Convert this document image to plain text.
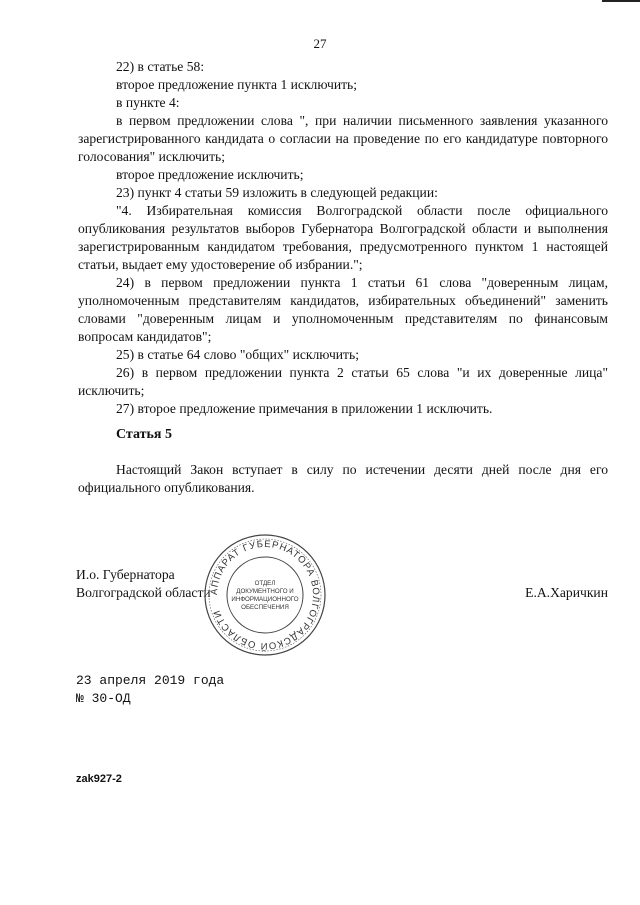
27

22) в статье 58:

второе предложение пункта 1 исключить;

в пункте 4:

в первом предложении слова ", при наличии письменного заявления указанного зарегистрированного кандидата о согласии на проведение по его кандидатуре повторного голосования" исключить;

второе предложение исключить;

23) пункт 4 статьи 59 изложить в следующей редакции:

"4. Избирательная комиссия Волгоградской области после официального опубликования результатов выборов Губернатора Волгоградской области и выполнения зарегистрированным кандидатом требования, предусмотренного пунктом 1 настоящей статьи, выдает ему удостоверение об избрании.";

24) в первом предложении пункта 1 статьи 61 слова "доверенным лицам, уполномоченным представителям кандидатов, избирательных объединений" заменить словами "доверенным лицам и уполномоченным представителям по финансовым вопросам кандидатов";

25) в статье 64 слово "общих" исключить;

26) в первом предложении пункта 2 статьи 65 слова "и их доверенные лица" исключить;

27) второе предложение примечания в приложении 1 исключить.

Статья 5

Настоящий Закон вступает в силу по истечении десяти дней после дня его официального опубликования.

И.о. Губернатора
Волгоградской области
АППАРАТ ГУБЕРНАТОРА ВОЛГОГРАДСКОЙ ОБЛАСТИ
ОТДЕЛ
ДОКУМЕНТНОГО И
ИНФОРМАЦИОННОГО
ОБЕСПЕЧЕНИЯ
Е.А.Харичкин
23 апреля 2019 года
№ 30-ОД
zak927-2
